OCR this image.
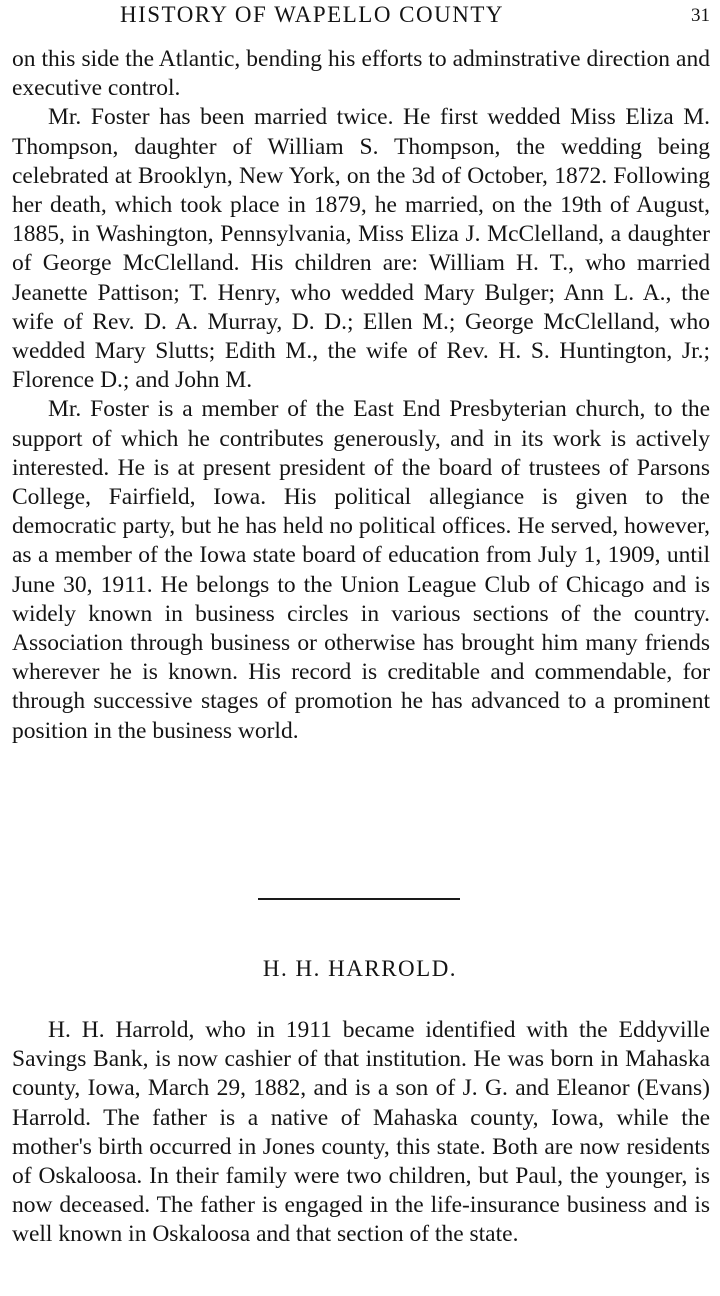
HISTORY OF WAPELLO COUNTY	31

on this side the Atlantic, bending his efforts to adminstrative direction and executive control.

Mr. Foster has been married twice. He first wedded Miss Eliza M. Thompson, daughter of William S. Thompson, the wedding being celebrated at Brooklyn, New York, on the 3d of October, 1872. Following her death, which took place in 1879, he married, on the 19th of August, 1885, in Washington, Pennsylvania, Miss Eliza J. McClelland, a daughter of George McClelland. His children are: William H. T., who married Jeanette Pattison; T. Henry, who wedded Mary Bulger; Ann L. A., the wife of Rev. D. A. Murray, D. D.; Ellen M.; George McClelland, who wedded Mary Slutts; Edith M., the wife of Rev. H. S. Huntington, Jr.; Florence D.; and John M.

Mr. Foster is a member of the East End Presbyterian church, to the support of which he contributes generously, and in its work is actively interested. He is at present president of the board of trustees of Parsons College, Fairfield, Iowa. His political allegiance is given to the democratic party, but he has held no political offices. He served, however, as a member of the Iowa state board of education from July 1, 1909, until June 30, 1911. He belongs to the Union League Club of Chicago and is widely known in business circles in various sections of the country. Association through business or otherwise has brought him many friends wherever he is known. His record is creditable and commendable, for through successive stages of promotion he has advanced to a prominent position in the business world.

H. H. HARROLD.

H. H. Harrold, who in 1911 became identified with the Eddyville Savings Bank, is now cashier of that institution. He was born in Mahaska county, Iowa, March 29, 1882, and is a son of J. G. and Eleanor (Evans) Harrold. The father is a native of Mahaska county, Iowa, while the mother's birth occurred in Jones county, this state. Both are now residents of Oskaloosa. In their family were two children, but Paul, the younger, is now deceased. The father is engaged in the life-insurance business and is well known in Oskaloosa and that section of the state.
